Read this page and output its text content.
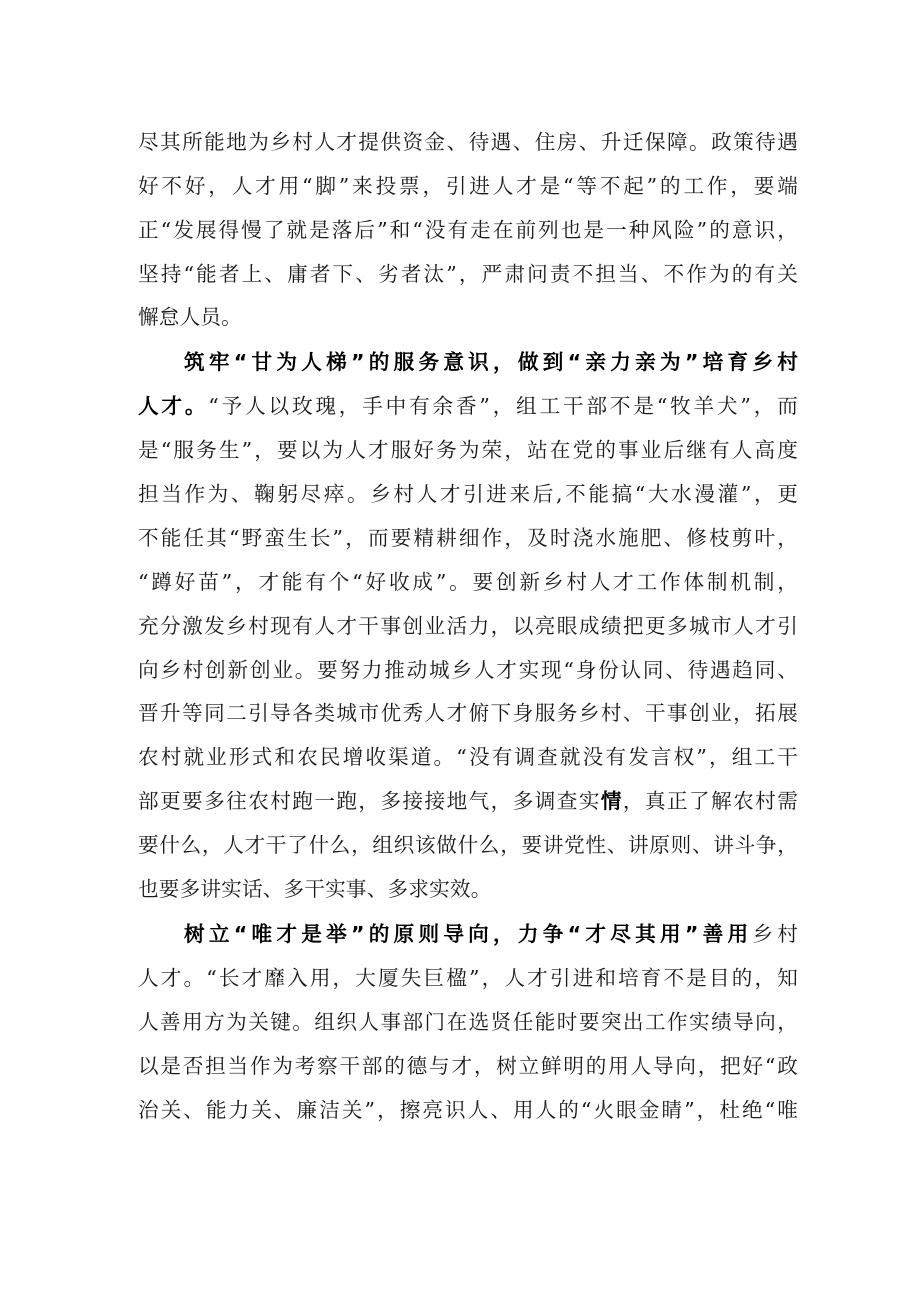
尽其所能地为乡村人才提供资金、待遇、住房、升迁保障。政策待遇
好不好，人才用“脚”来投票，引进人才是“等不起”的工作，要端
正“发展得慢了就是落后”和“没有走在前列也是一种风险”的意识，
坚持“能者上、庸者下、劣者汰”，严肃问责不担当、不作为的有关
懈怠人员。
筑牢“甘为人梯”的服务意识，做到“亲力亲为”培育乡村
人才。“予人以玫瑰，手中有余香”，组工干部不是“牧羊犬”，而
是“服务生”，要以为人才服好务为荣，站在党的事业后继有人高度
担当作为、鞠躬尽瘁。乡村人才引进来后,不能搞“大水漫灌”，更
不能任其“野蛮生长”，而要精耕细作，及时浇水施肥、修枝剪叶，
“蹲好苗”，才能有个“好收成”。要创新乡村人才工作体制机制，
充分激发乡村现有人才干事创业活力，以亮眼成绩把更多城市人才引
向乡村创新创业。要努力推动城乡人才实现“身份认同、待遇趋同、
晋升等同二引导各类城市优秀人才俯下身服务乡村、干事创业，拓展
农村就业形式和农民增收渠道。“没有调查就没有发言权”，组工干
部更要多往农村跑一跑，多接接地气，多调查实情，真正了解农村需
要什么，人才干了什么，组织该做什么，要讲党性、讲原则、讲斗争，
也要多讲实话、多干实事、多求实效。
树立“唯才是举”的原则导向，力争“才尽其用”善用乡村
人才。“长才靡入用，大厦失巨楹”，人才引进和培育不是目的，知
人善用方为关键。组织人事部门在选贤任能时要突出工作实绩导向，
以是否担当作为考察干部的德与才，树立鲜明的用人导向，把好“政
治关、能力关、廉洁关”，擦亮识人、用人的“火眼金睛”，杜绝“唯
